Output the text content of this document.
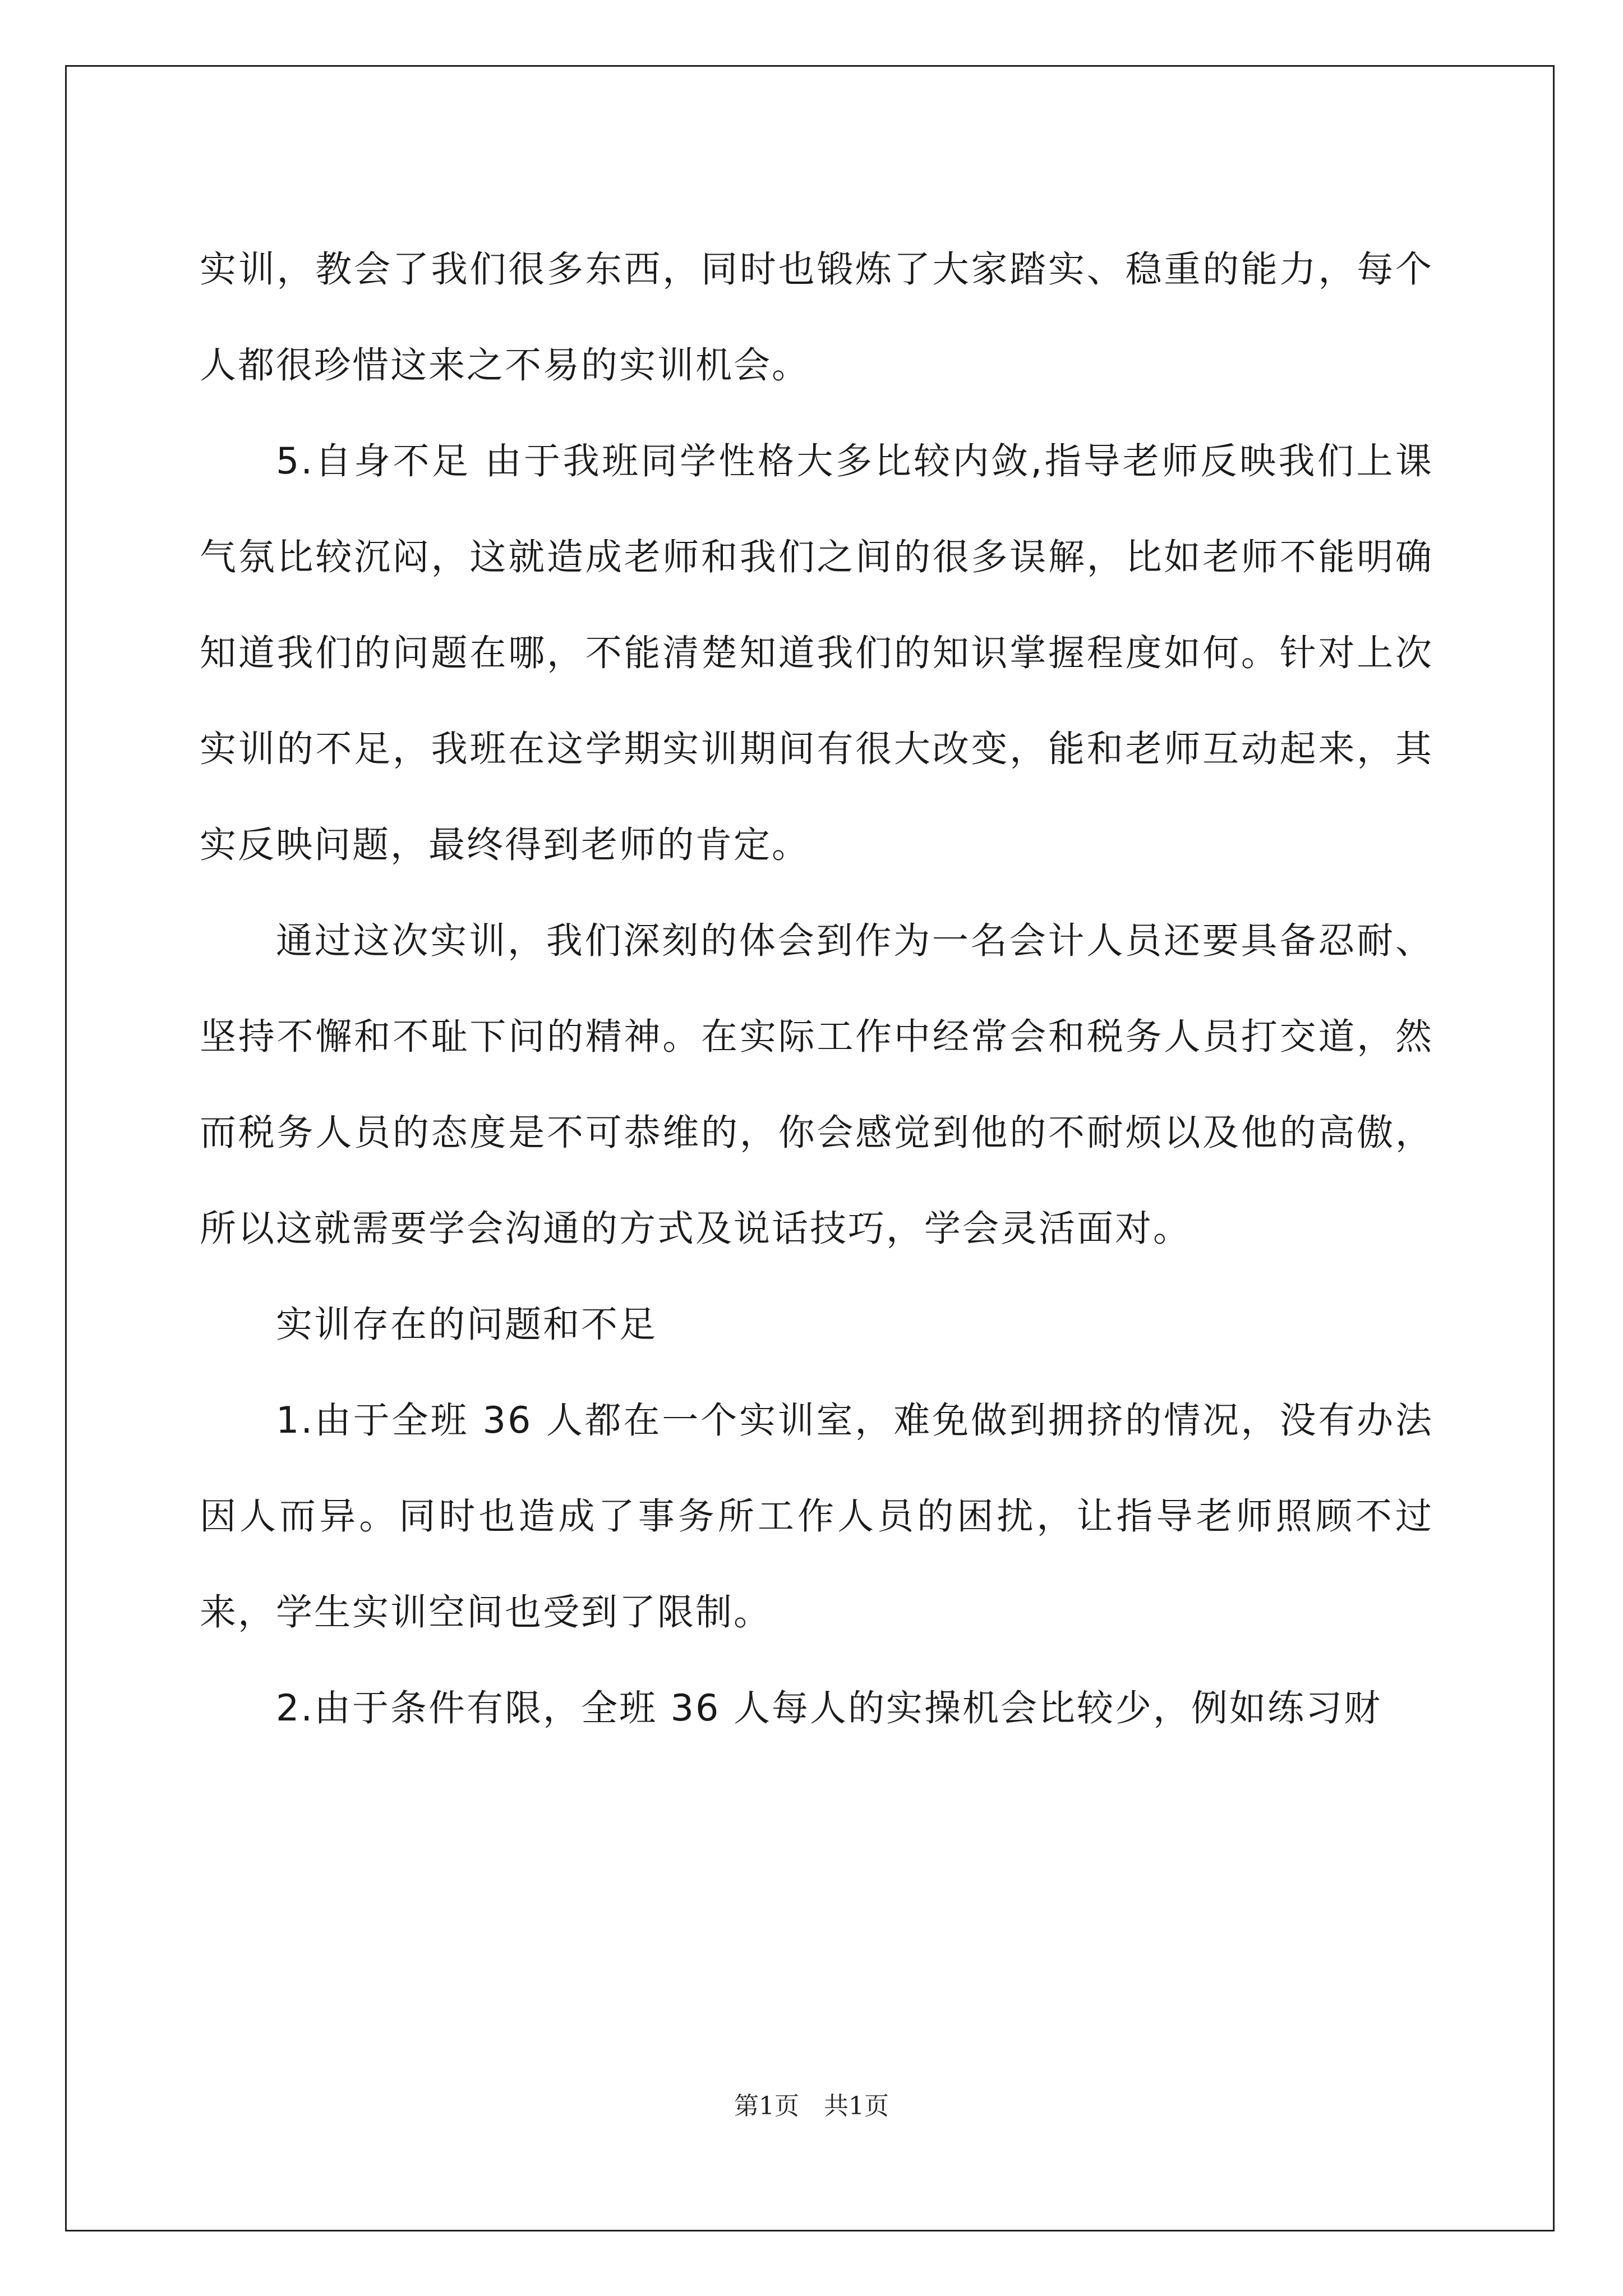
实训，教会了我们很多东西，同时也锻炼了大家踏实、稳重的能力，每个人都很珍惜这来之不易的实训机会。

5.自身不足 由于我班同学性格大多比较内敛,指导老师反映我们上课气氛比较沉闷，这就造成老师和我们之间的很多误解，比如老师不能明确知道我们的问题在哪，不能清楚知道我们的知识掌握程度如何。针对上次实训的不足，我班在这学期实训期间有很大改变，能和老师互动起来，其实反映问题，最终得到老师的肯定。

通过这次实训，我们深刻的体会到作为一名会计人员还要具备忍耐、坚持不懈和不耻下问的精神。在实际工作中经常会和税务人员打交道，然而税务人员的态度是不可恭维的，你会感觉到他的不耐烦以及他的高傲，所以这就需要学会沟通的方式及说话技巧，学会灵活面对。

实训存在的问题和不足

1.由于全班 36 人都在一个实训室，难免做到拥挤的情况，没有办法因人而异。同时也造成了事务所工作人员的困扰，让指导老师照顾不过来，学生实训空间也受到了限制。

2.由于条件有限，全班 36 人每人的实操机会比较少，例如练习财

第1页　共1页
